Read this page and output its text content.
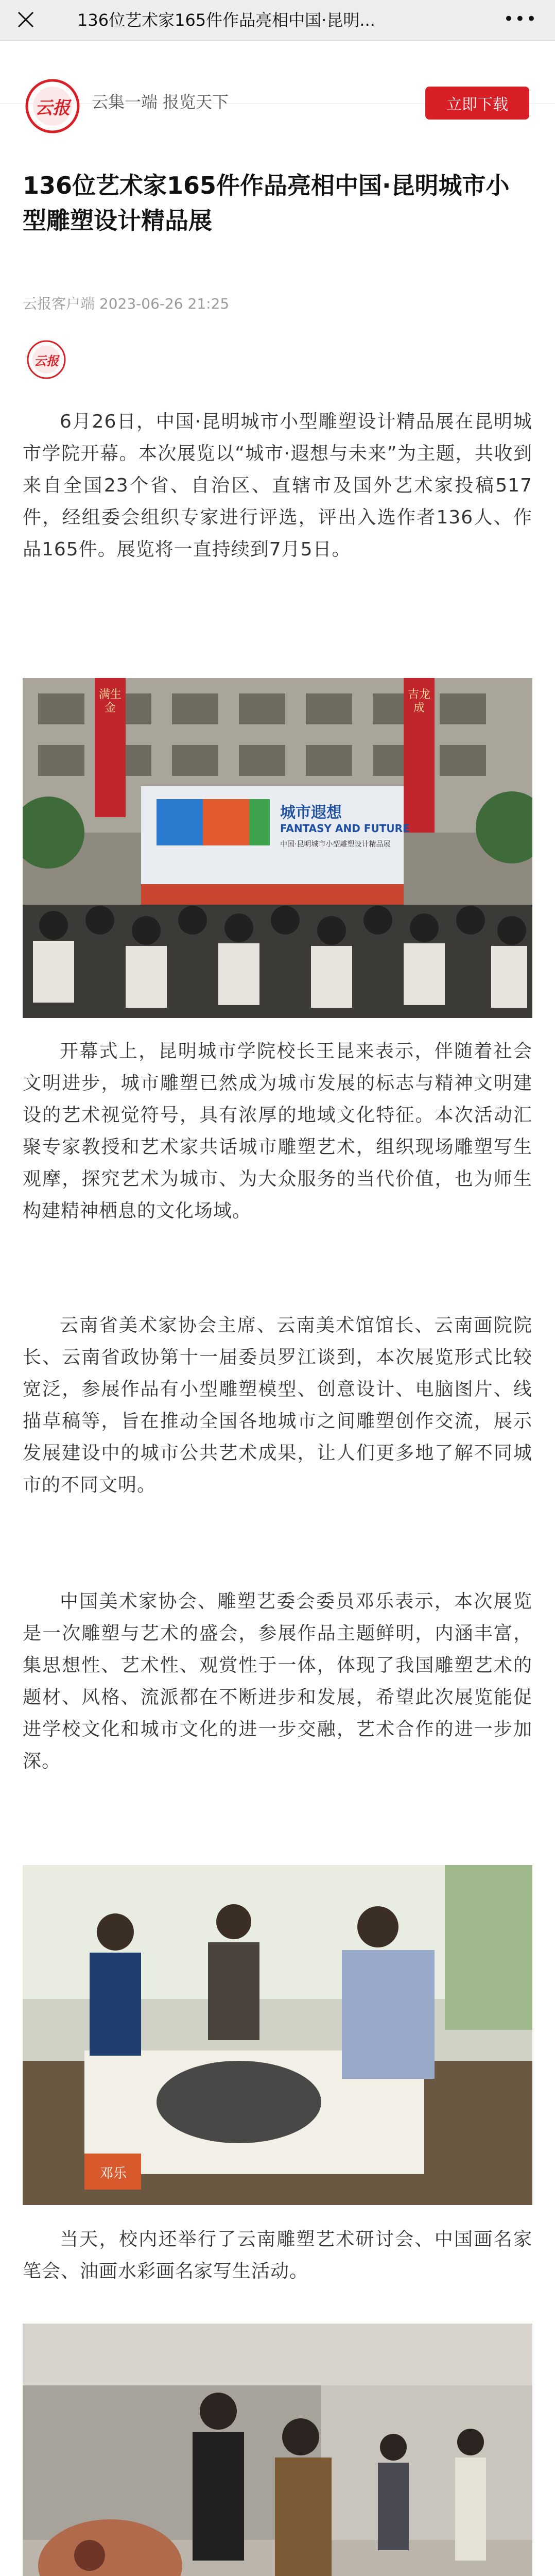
136位艺术家165件作品亮相中国·昆明...	•••
云报 云集一端 报览天下	立即下载
136位艺术家165件作品亮相中国·昆明城市小型雕塑设计精品展
云报客户端 2023-06-26 21:25
云报

6月26日，中国·昆明城市小型雕塑设计精品展在昆明城市学院开幕。本次展览以“城市·遐想与未来”为主题，共收到来自全国23个省、自治区、直辖市及国外艺术家投稿517件，经组委会组织专家进行评选，评出入选作者136人、作品165件。展览将一直持续到7月5日。

满生金
吉龙成
城市遐想
FANTASY AND FUTURE
中国·昆明城市小型雕塑设计精品展

开幕式上，昆明城市学院校长王昆来表示，伴随着社会文明进步，城市雕塑已然成为城市发展的标志与精神文明建设的艺术视觉符号，具有浓厚的地域文化特征。本次活动汇聚专家教授和艺术家共话城市雕塑艺术，组织现场雕塑写生观摩，探究艺术为城市、为大众服务的当代价值，也为师生构建精神栖息的文化场域。

云南省美术家协会主席、云南美术馆馆长、云南画院院长、云南省政协第十一届委员罗江谈到，本次展览形式比较宽泛，参展作品有小型雕塑模型、创意设计、电脑图片、线描草稿等，旨在推动全国各地城市之间雕塑创作交流，展示发展建设中的城市公共艺术成果，让人们更多地了解不同城市的不同文明。

中国美术家协会、雕塑艺委会委员邓乐表示，本次展览是一次雕塑与艺术的盛会，参展作品主题鲜明，内涵丰富，集思想性、艺术性、观赏性于一体，体现了我国雕塑艺术的题材、风格、流派都在不断进步和发展，希望此次展览能促进学校文化和城市文化的进一步交融，艺术合作的进一步加深。

邓乐

当天，校内还举行了云南雕塑艺术研讨会、中国画名家笔会、油画水彩画名家写生活动。
